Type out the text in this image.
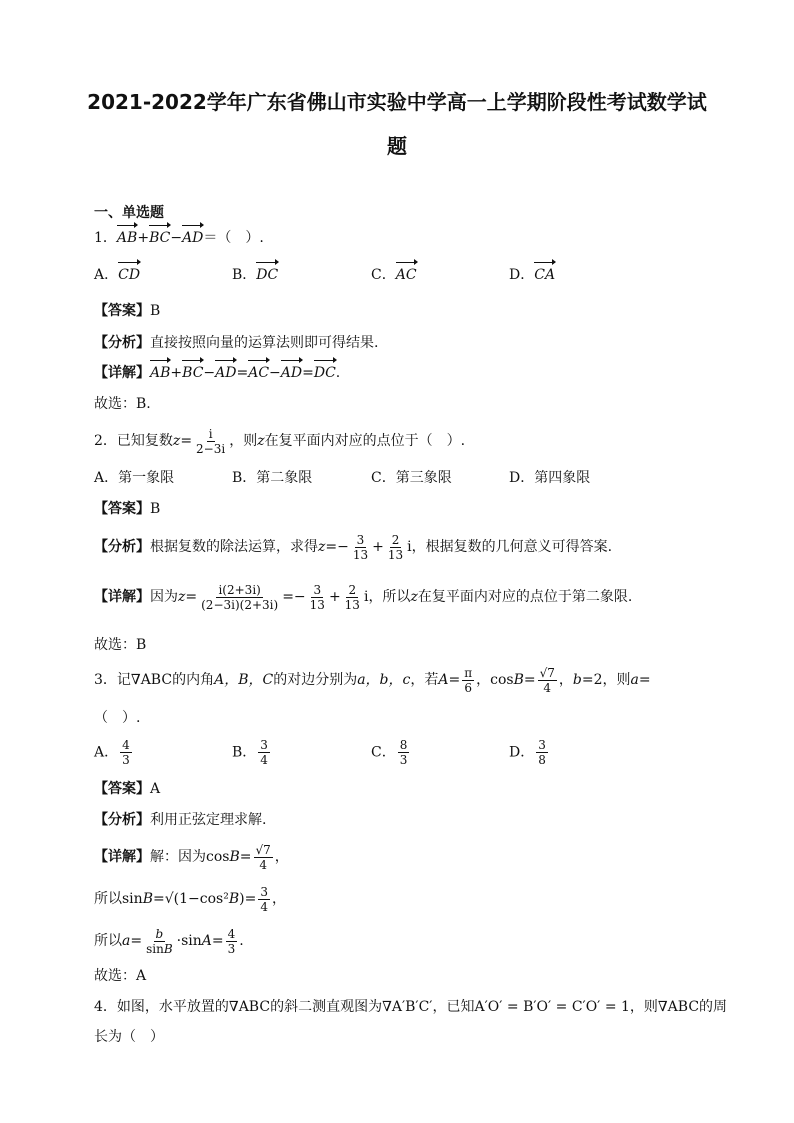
2021-2022学年广东省佛山市实验中学高一上学期阶段性考试数学试
题
一、单选题
1．AB+BC−AD＝（　）.
A．CD	B．DC	C．AC	D．CA
【答案】B
【分析】直接按照向量的运算法则即可得结果.
【详解】AB+BC−AD=AC−AD=DC.
故选：B.
2．已知复数$z= \frac{i}{2-3i}$ ，则z在复平面内对应的点位于（　）.
A．第一象限	B．第二象限	C．第三象限	D．第四象限
【答案】B
【分析】根据复数的除法运算，求得$z=- \frac{3}{13} + \frac{2}{13}$ i，根据复数的几何意义可得答案.
【详解】因为$z= \frac{i(2+3i)}{(2-3i)(2+3i)} =- \frac{3}{13} + \frac{2}{13}$ i，所以z在复平面内对应的点位于第二象限.
故选：B
3．记∇ABC的内角A，B，C的对边分别为a，b，c，若$A= \frac{\pi}{6}$ ，$\cos B= \frac{√7}{4}$ ，b=2，则a=
（　）.
A． $\frac{4}{3}$	B． $\frac{3}{4}$	C． $\frac{8}{3}$	D． $\frac{3}{8}$
【答案】A
【分析】利用正弦定理求解.
【详解】解：因为$\cos B= \frac{√7}{4}$ ，
所以$\sin B=√(1-\cos^2B)= \frac{3}{4}$ ，
所以$a= \frac{b}{\sin B} \cdot\sin A= \frac{4}{3}$ .
故选：A
4．如图，水平放置的∇ABC的斜二测直观图为∇A′B′C′，已知A′O′ = B′O′ = C′O′ = 1，则∇ABC的周
长为（　）
